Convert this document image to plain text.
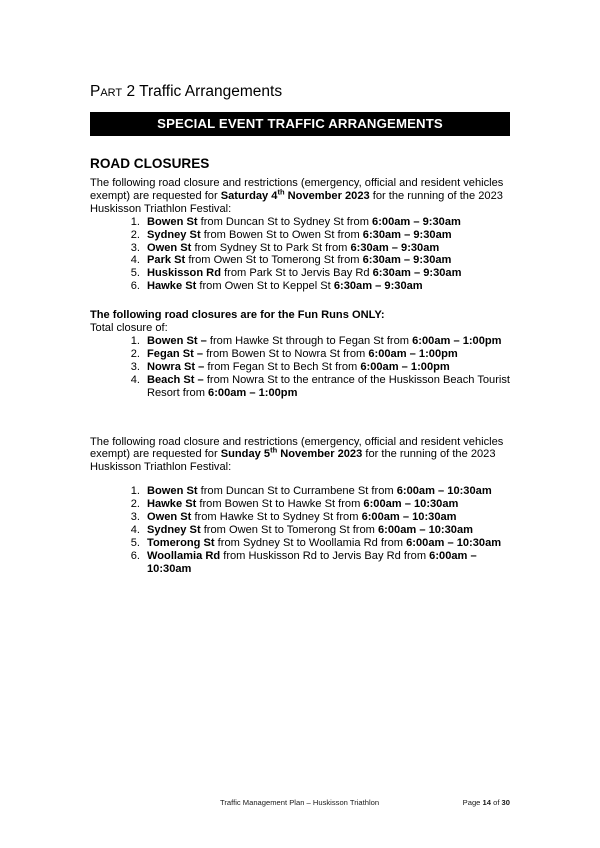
Part 2 Traffic Arrangements
SPECIAL EVENT TRAFFIC ARRANGEMENTS
ROAD CLOSURES

The following road closure and restrictions (emergency, official and resident vehicles exempt) are requested for Saturday 4th November 2023 for the running of the 2023 Huskisson Triathlon Festival:

Bowen St from Duncan St to Sydney St from 6:00am – 9:30am
Sydney St from Bowen St to Owen St from 6:30am – 9:30am
Owen St from Sydney St to Park St from 6:30am – 9:30am
Park St from Owen St to Tomerong St from 6:30am – 9:30am
Huskisson Rd from Park St to Jervis Bay Rd 6:30am – 9:30am
Hawke St from Owen St to Keppel St 6:30am – 9:30am

The following road closures are for the Fun Runs ONLY:

Total closure of:

Bowen St – from Hawke St through to Fegan St from 6:00am – 1:00pm
Fegan St – from Bowen St to Nowra St from 6:00am – 1:00pm
Nowra St – from Fegan St to Bech St from 6:00am – 1:00pm
Beach St – from Nowra St to the entrance of the Huskisson Beach Tourist Resort from 6:00am – 1:00pm

The following road closure and restrictions (emergency, official and resident vehicles exempt) are requested for Sunday 5th November 2023 for the running of the 2023 Huskisson Triathlon Festival:

Bowen St from Duncan St to Currambene St from 6:00am – 10:30am
Hawke St from Bowen St to Hawke St from 6:00am – 10:30am
Owen St from Hawke St to Sydney St from 6:00am – 10:30am
Sydney St from Owen St to Tomerong St from 6:00am – 10:30am
Tomerong St from Sydney St to Woollamia Rd from 6:00am – 10:30am
Woollamia Rd from Huskisson Rd to Jervis Bay Rd from 6:00am – 10:30am
Traffic Management Plan – Huskisson Triathlon	Page 14 of 30
